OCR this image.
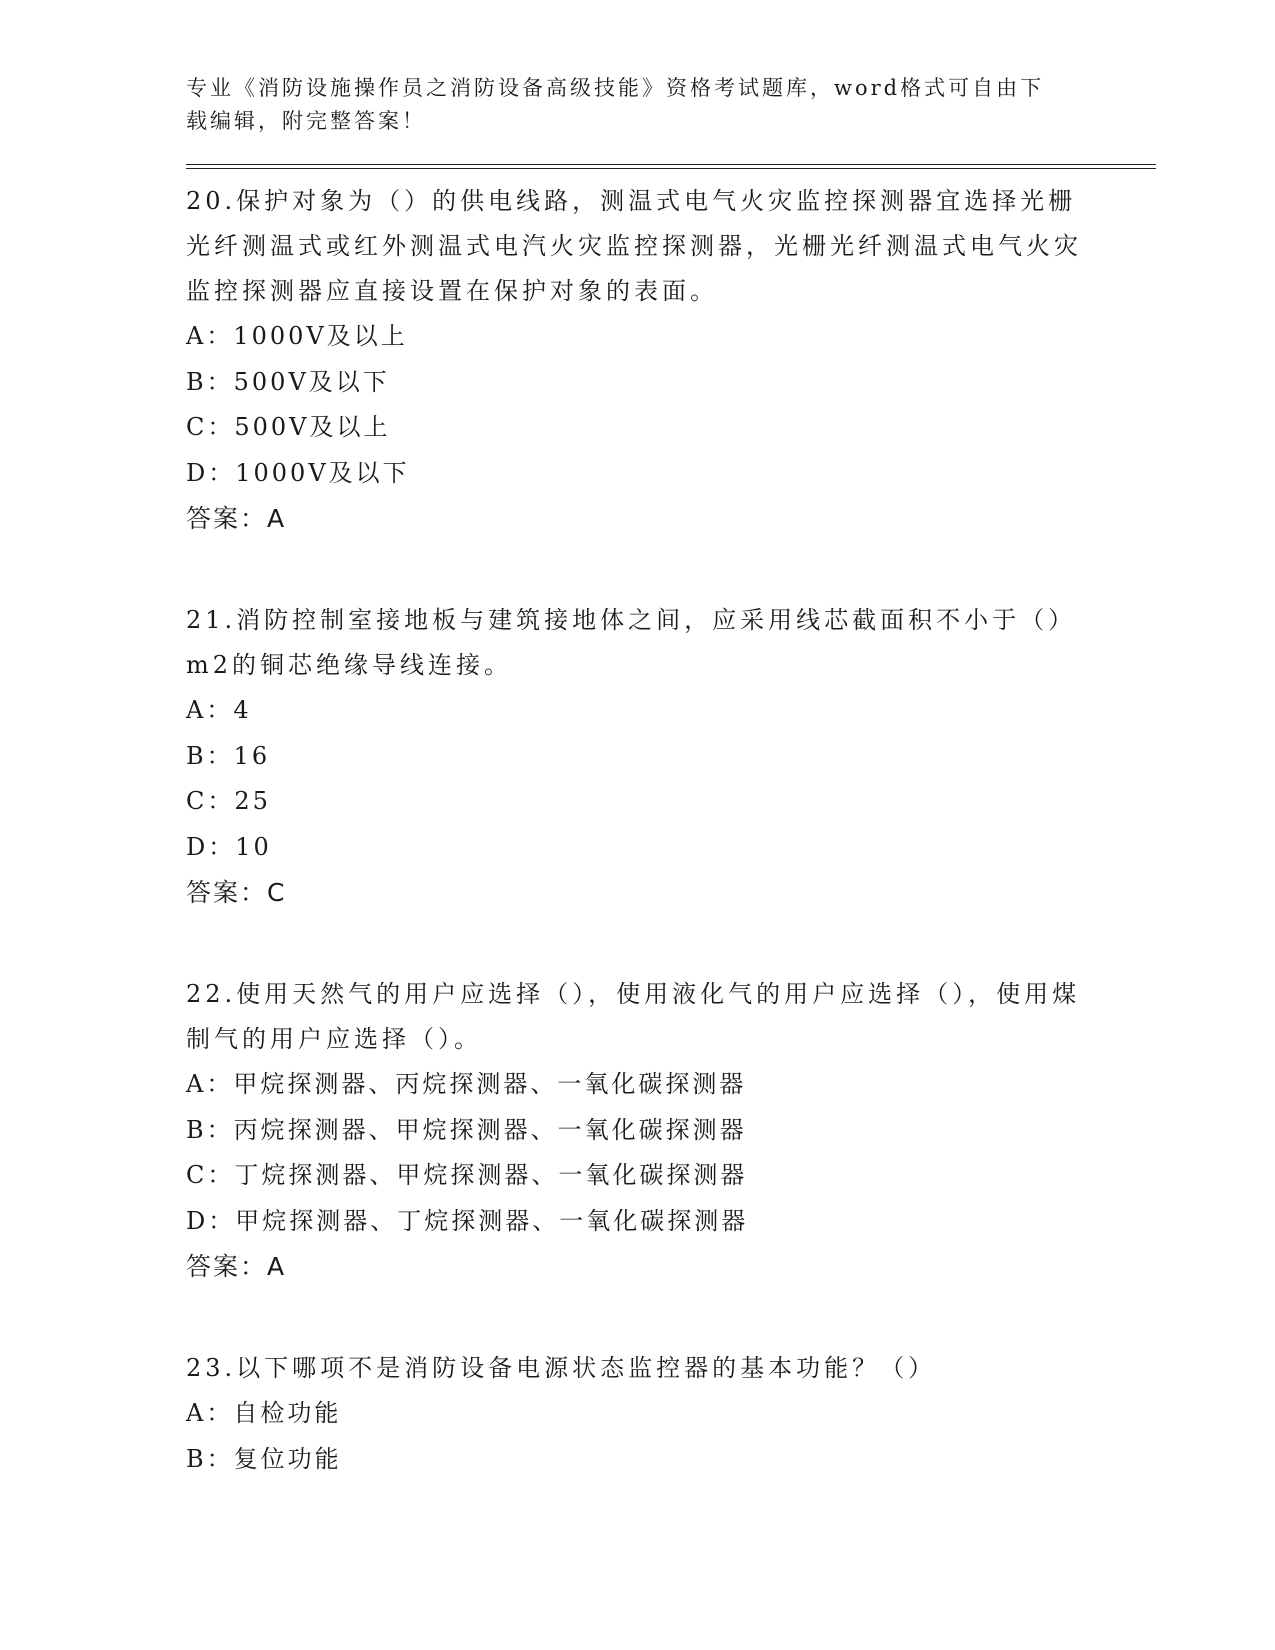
专业《消防设施操作员之消防设备高级技能》资格考试题库，word格式可自由下载编辑，附完整答案！
20.保护对象为（）的供电线路，测温式电气火灾监控探测器宜选择光栅光纤测温式或红外测温式电汽火灾监控探测器，光栅光纤测温式电气火灾监控探测器应直接设置在保护对象的表面。
A：1000V及以上
B：500V及以下
C：500V及以上
D：1000V及以下
答案：A
21.消防控制室接地板与建筑接地体之间，应采用线芯截面积不小于（）m2的铜芯绝缘导线连接。
A：4
B：16
C：25
D：10
答案：C
22.使用天然气的用户应选择（），使用液化气的用户应选择（），使用煤制气的用户应选择（）。
A：甲烷探测器、丙烷探测器、一氧化碳探测器
B：丙烷探测器、甲烷探测器、一氧化碳探测器
C：丁烷探测器、甲烷探测器、一氧化碳探测器
D：甲烷探测器、丁烷探测器、一氧化碳探测器
答案：A
23.以下哪项不是消防设备电源状态监控器的基本功能？（）
A：自检功能
B：复位功能
